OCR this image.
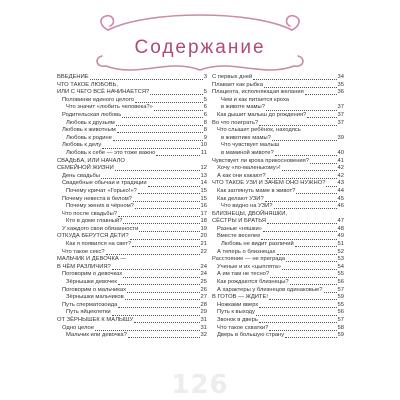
Содержание
ВВЕДЕНИЕ	3
ЧТО ТАКОЕ ЛЮБОВЬ,
ИЛИ С ЧЕГО ВСЁ НАЧИНАЕТСЯ?	5
Половинки единого целого	5
Что значит «любить человека?»	6
Родительская любовь	6
Любовь к друзьям	8
Любовь к животным	8
Любовь к родине	9
Любовь к делу	10
Любовь к себе — это тоже важно	11
СВАДЬБА, ИЛИ НАЧАЛО
СЕМЕЙНОЙ ЖИЗНИ	12
День свадьбы	13
Свадебные обычаи и традиции	14
Почему кричат «Горько!»?	15
Почему невеста в белом?	15
Почему жених в чёрном?	16
Что после свадьбы?	17
Кто в доме главный?	18
У каждого свои обязанности	19
ОТКУДА БЕРУТСЯ ДЕТИ?	20
Как я появился на свет?	21
Что такое секс?	22
МАЛЬЧИК И ДЕВОЧКА —
В ЧЁМ РАЗЛИЧИЯ?	24
Поговорим о девочках	24
Зёрнышки девочек	25
Поговорим о мальчиках	26
Зёрнышки мальчиков	27
Путь сперматозоида	28
Путь яйцеклетки	29
ОТ ЗЁРНЫШЕК К МАЛЫШУ	31
Одно целое	31
Мальчик или девочка?	32
С первых дней	34
Плавает как рыбка	35
Плацента, исполняющая желания	36
Чем и как питается кроха
в животе мамы?	37
Как дышит малыш до рождения?	37
Во что поиграть?	37
Что слышит ребёнок, находясь
в животике мамы?	39
Что чувствует малыш
в маминой животе?	40
Чувствует ли кроха прикосновения?	41
Хочу «по-маленькому»!	42
А как они какают?	42
ЧТО ТАКОЕ УЗИ И ЗАЧЕМ ОНО НУЖНО? 43
Как заглянуть маме в живот?	44
Как делают УЗИ?	45
Что видно на УЗИ?	46
БЛИЗНЕЦЫ, ДВОЙНЯШКИ,
СЁСТРЫ И БРАТЬЯ	47
Разные «няшки»	48
Вместе веселее	49
Любовь не видит различий	51
А теперь о близнецах	52
Расстояние — не преграда	53
Ученые и их «цыплята»	54
А им там не тесно?	55
Как рождаются близнецы?	56
А характеры у близнецов одинаковые?	57
В ГОТОВ — ЖДИТЕ!	59
Ножками вверх	55
Путь к выходу	56
Звонок в дверь	57
Что такое схватки?	58
Дверь в большую страну	59
126
